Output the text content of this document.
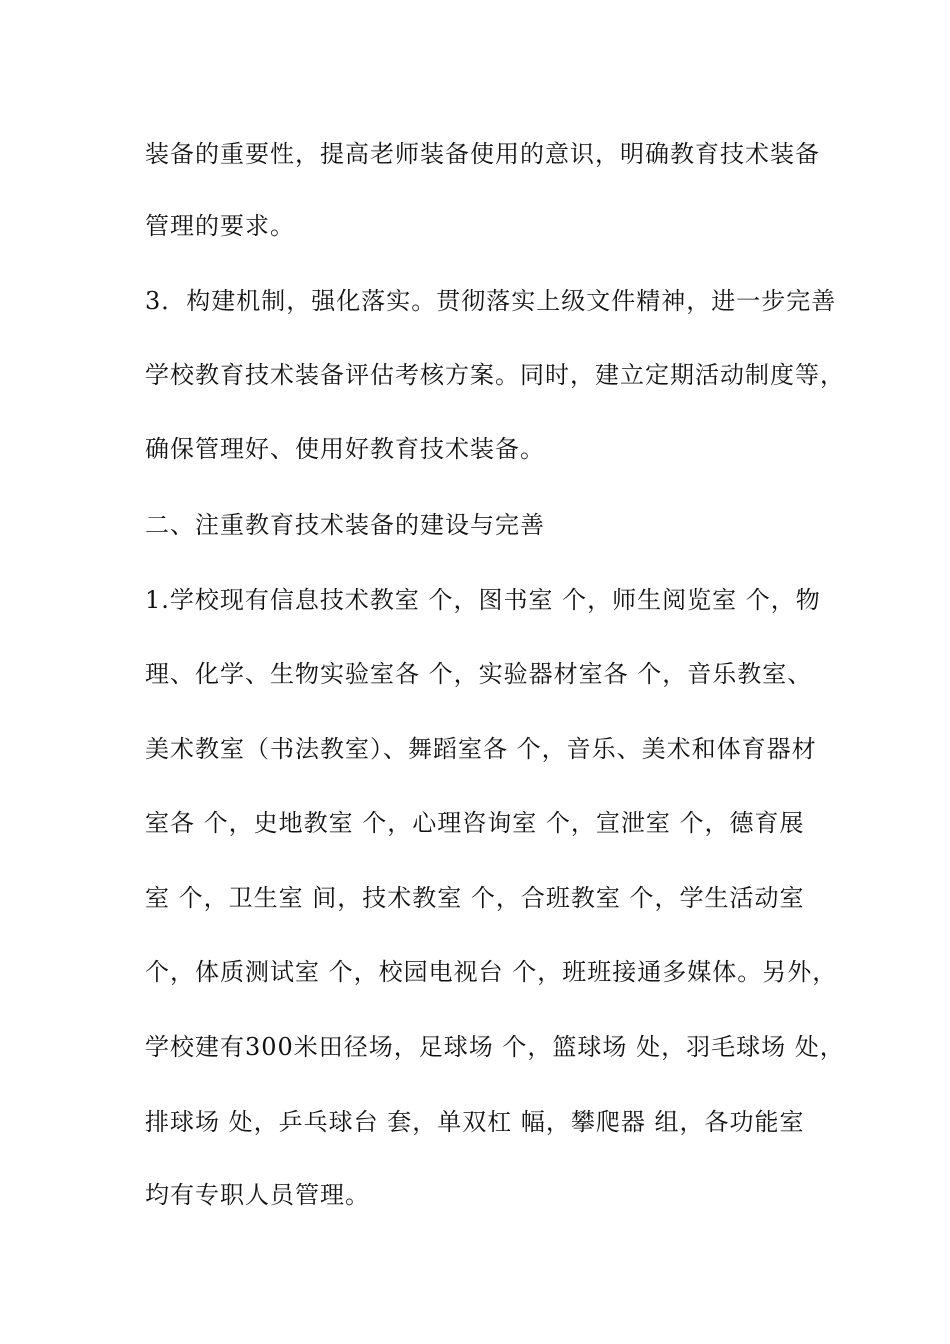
装备的重要性，提高老师装备使用的意识，明确教育技术装备
管理的要求。
3．构建机制，强化落实。贯彻落实上级文件精神，进一步完善
学校教育技术装备评估考核方案。同时，建立定期活动制度等，
确保管理好、使用好教育技术装备。
二、注重教育技术装备的建设与完善
1.学校现有信息技术教室 个，图书室 个，师生阅览室 个，物
理、化学、生物实验室各 个，实验器材室各 个，音乐教室、
美术教室（书法教室）、舞蹈室各 个，音乐、美术和体育器材
室各 个，史地教室 个，心理咨询室 个，宣泄室 个，德育展
室 个，卫生室 间，技术教室 个，合班教室 个，学生活动室
个，体质测试室 个，校园电视台 个，班班接通多媒体。另外，
学校建有300米田径场，足球场 个，篮球场 处，羽毛球场 处，
排球场 处，乒乓球台 套，单双杠 幅，攀爬器 组，各功能室
均有专职人员管理。
